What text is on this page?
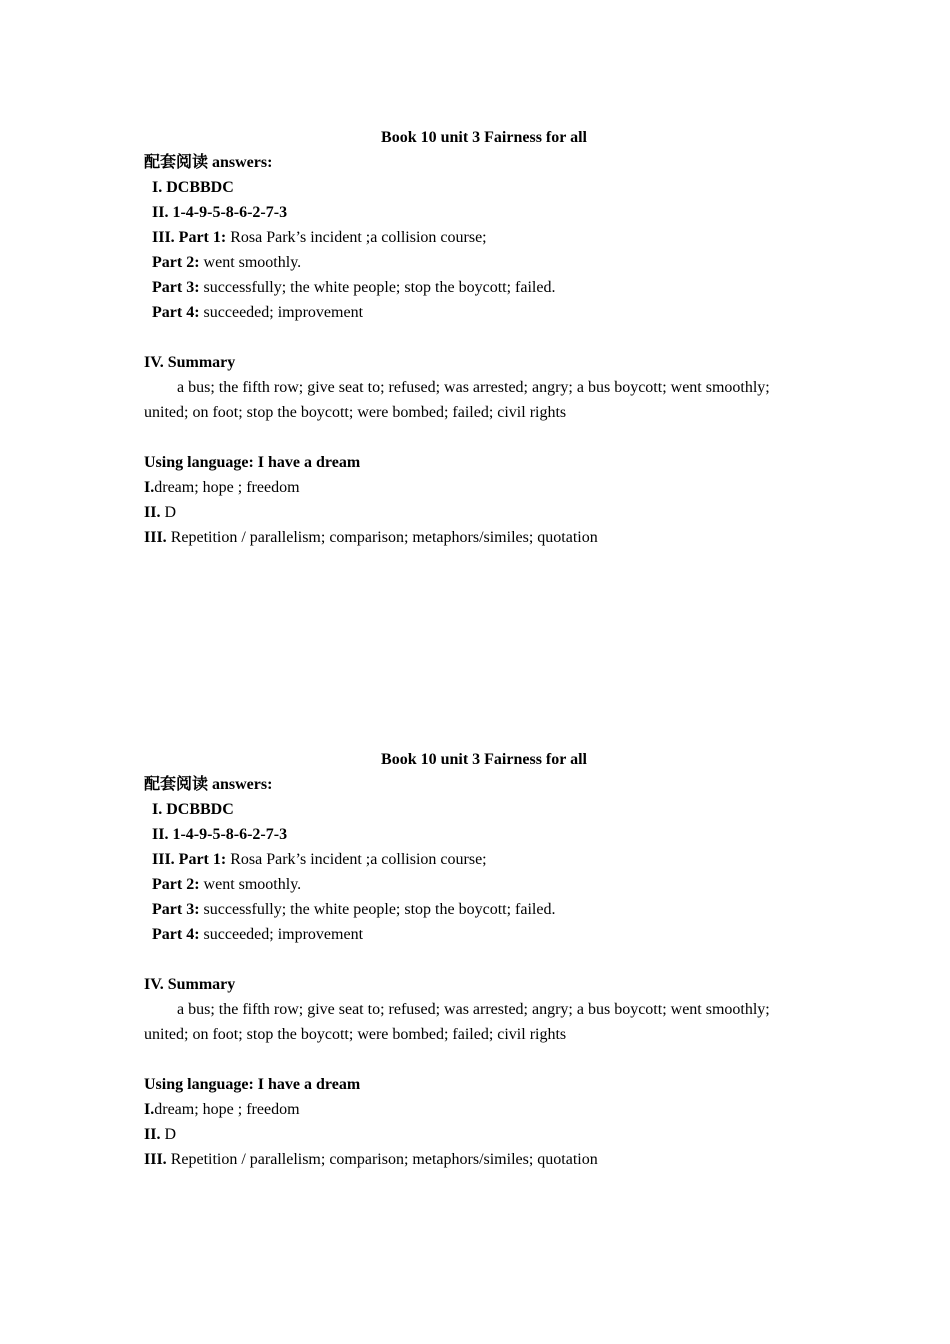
Book 10 unit 3 Fairness for all
配套阅读 answers:
I. DCBBDC
II. 1-4-9-5-8-6-2-7-3
III. Part 1: Rosa Park’s incident ;a collision course;
Part 2: went smoothly.
Part 3: successfully; the white people; stop the boycott; failed.
Part 4: succeeded; improvement
IV. Summary
a bus; the fifth row; give seat to; refused; was arrested; angry; a bus boycott; went smoothly;
united; on foot; stop the boycott; were bombed; failed; civil rights
Using language: I have a dream
I.dream; hope ; freedom
II. D
III. Repetition / parallelism; comparison; metaphors/similes; quotation
Book 10 unit 3 Fairness for all
配套阅读 answers:
I. DCBBDC
II. 1-4-9-5-8-6-2-7-3
III. Part 1: Rosa Park’s incident ;a collision course;
Part 2: went smoothly.
Part 3: successfully; the white people; stop the boycott; failed.
Part 4: succeeded; improvement
IV. Summary
a bus; the fifth row; give seat to; refused; was arrested; angry; a bus boycott; went smoothly;
united; on foot; stop the boycott; were bombed; failed; civil rights
Using language: I have a dream
I.dream; hope ; freedom
II. D
III. Repetition / parallelism; comparison; metaphors/similes; quotation
